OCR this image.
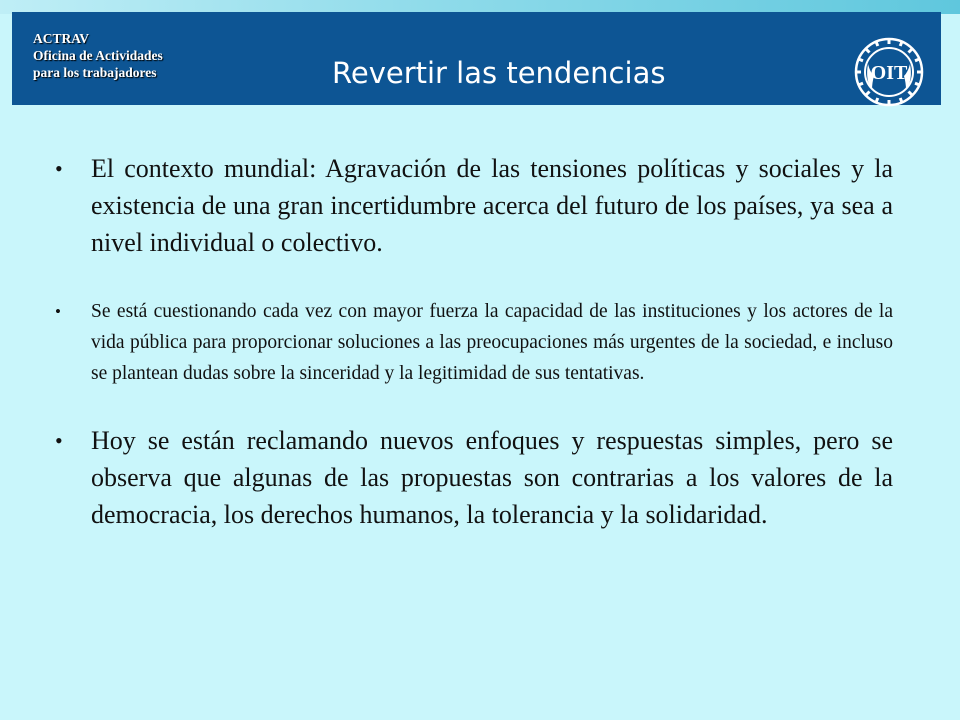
ACTRAV
Oficina de Actividades
para los trabajadores	Revertir las tendencias	OIT
• El contexto mundial: Agravación de las tensiones políticas y sociales y la existencia de una gran incertidumbre acerca del futuro de los países, ya sea a nivel individual o colectivo.
• Se está cuestionando cada vez con mayor fuerza la capacidad de las instituciones y los actores de la vida pública para proporcionar soluciones a las preocupaciones más urgentes de la sociedad, e incluso se plantean dudas sobre la sinceridad y la legitimidad de sus tentativas.
• Hoy se están reclamando nuevos enfoques y respuestas simples, pero se observa que algunas de las propuestas son contrarias a los valores de la democracia, los derechos humanos, la tolerancia y la solidaridad.
